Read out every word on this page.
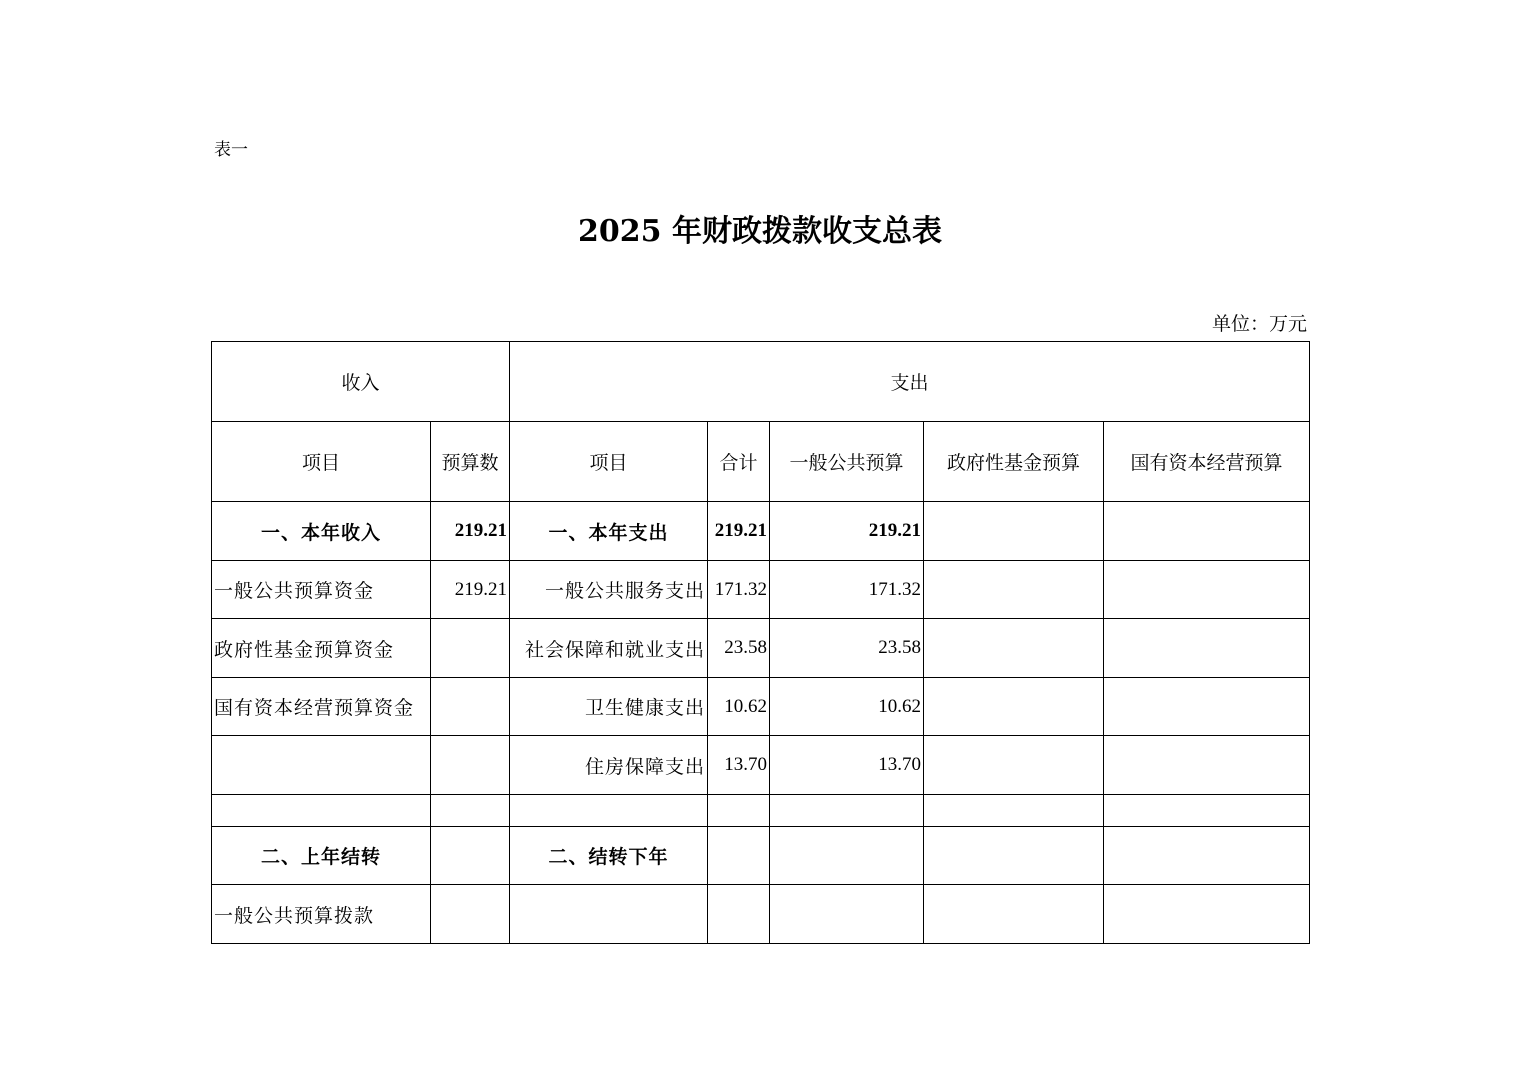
表一
2025 年财政拨款收支总表
单位：万元
收入		支出				
项目	预算数	项目	合计	一般公共预算	政府性基金预算	国有资本经营预算
一、本年收入	219.21	一、本年支出	219.21	219.21		
一般公共预算资金	219.21	一般公共服务支出	171.32	171.32		
政府性基金预算资金		社会保障和就业支出	23.58	23.58		
国有资本经营预算资金		卫生健康支出	10.62	10.62		
		住房保障支出	13.70	13.70		

二、上年结转		二、结转下年				
一般公共预算拨款						
